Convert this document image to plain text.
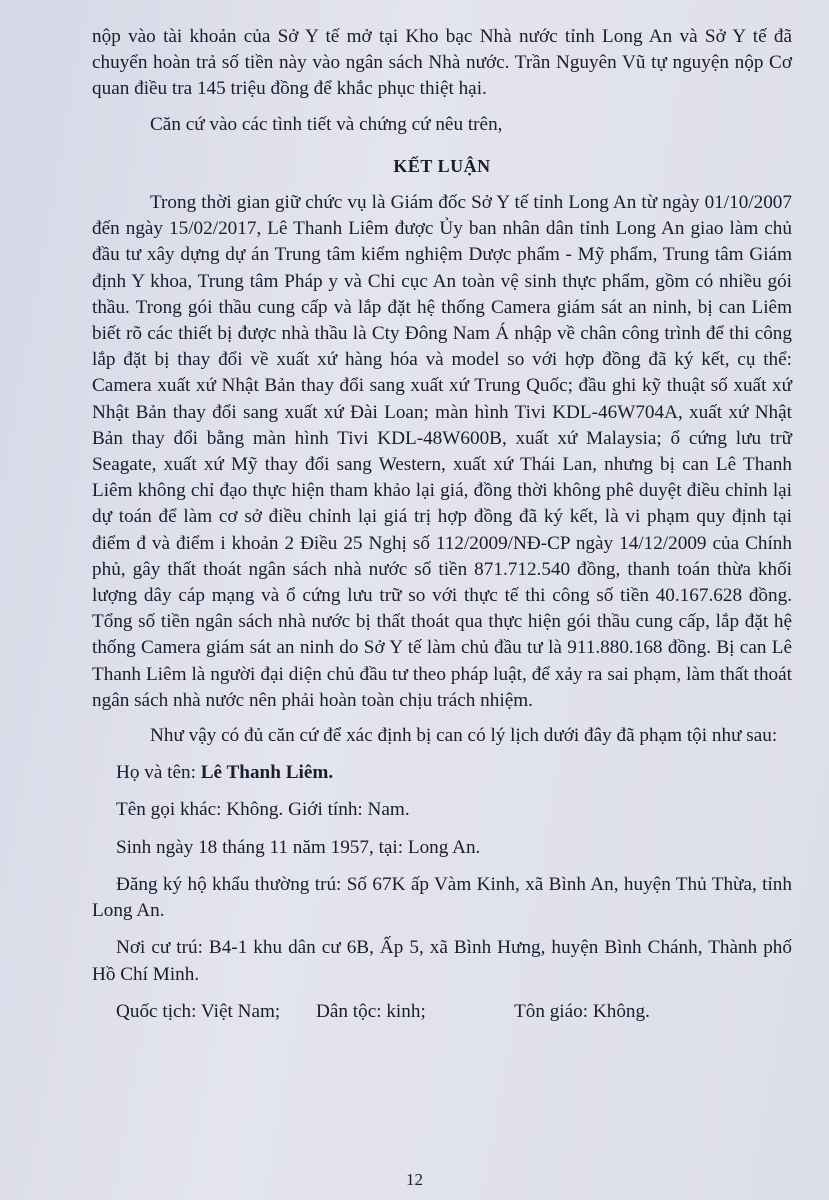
nộp vào tài khoản của Sở Y tế mở tại Kho bạc Nhà nước tỉnh Long An và Sở Y tế đã chuyển hoàn trả số tiền này vào ngân sách Nhà nước. Trần Nguyên Vũ tự nguyện nộp Cơ quan điều tra 145 triệu đồng để khắc phục thiệt hại.

Căn cứ vào các tình tiết và chứng cứ nêu trên,

KẾT LUẬN

Trong thời gian giữ chức vụ là Giám đốc Sở Y tế tỉnh Long An từ ngày 01/10/2007 đến ngày 15/02/2017, Lê Thanh Liêm được Ủy ban nhân dân tỉnh Long An giao làm chủ đầu tư xây dựng dự án Trung tâm kiểm nghiệm Dược phẩm - Mỹ phẩm, Trung tâm Giám định Y khoa, Trung tâm Pháp y và Chi cục An toàn vệ sinh thực phẩm, gồm có nhiều gói thầu. Trong gói thầu cung cấp và lắp đặt hệ thống Camera giám sát an ninh, bị can Liêm biết rõ các thiết bị được nhà thầu là Cty Đông Nam Á nhập về chân công trình để thi công lắp đặt bị thay đổi về xuất xứ hàng hóa và model so với hợp đồng đã ký kết, cụ thể: Camera xuất xứ Nhật Bản thay đổi sang xuất xứ Trung Quốc; đầu ghi kỹ thuật số xuất xứ Nhật Bản thay đổi sang xuất xứ Đài Loan; màn hình Tivi KDL-46W704A, xuất xứ Nhật Bản thay đổi bằng màn hình Tivi KDL-48W600B, xuất xứ Malaysia; ổ cứng lưu trữ Seagate, xuất xứ Mỹ thay đổi sang Western, xuất xứ Thái Lan, nhưng bị can Lê Thanh Liêm không chỉ đạo thực hiện tham khảo lại giá, đồng thời không phê duyệt điều chỉnh lại dự toán để làm cơ sở điều chỉnh lại giá trị hợp đồng đã ký kết, là vi phạm quy định tại điểm đ và điểm i khoản 2 Điều 25 Nghị số 112/2009/NĐ-CP ngày 14/12/2009 của Chính phủ, gây thất thoát ngân sách nhà nước số tiền 871.712.540 đồng, thanh toán thừa khối lượng dây cáp mạng và ổ cứng lưu trữ so với thực tế thi công số tiền 40.167.628 đồng. Tổng số tiền ngân sách nhà nước bị thất thoát qua thực hiện gói thầu cung cấp, lắp đặt hệ thống Camera giám sát an ninh do Sở Y tế làm chủ đầu tư là 911.880.168 đồng. Bị can Lê Thanh Liêm là người đại diện chủ đầu tư theo pháp luật, để xảy ra sai phạm, làm thất thoát ngân sách nhà nước nên phải hoàn toàn chịu trách nhiệm.

Như vậy có đủ căn cứ để xác định bị can có lý lịch dưới đây đã phạm tội như sau:

Họ và tên: Lê Thanh Liêm.

Tên gọi khác: Không. Giới tính: Nam.

Sinh ngày 18 tháng 11 năm 1957, tại: Long An.

Đăng ký hộ khẩu thường trú: Số 67K ấp Vàm Kinh, xã Bình An, huyện Thủ Thừa, tỉnh Long An.

Nơi cư trú: B4-1 khu dân cư 6B, Ấp 5, xã Bình Hưng, huyện Bình Chánh, Thành phố Hồ Chí Minh.

Quốc tịch: Việt Nam;	Dân tộc: kinh;	Tôn giáo: Không.
12
